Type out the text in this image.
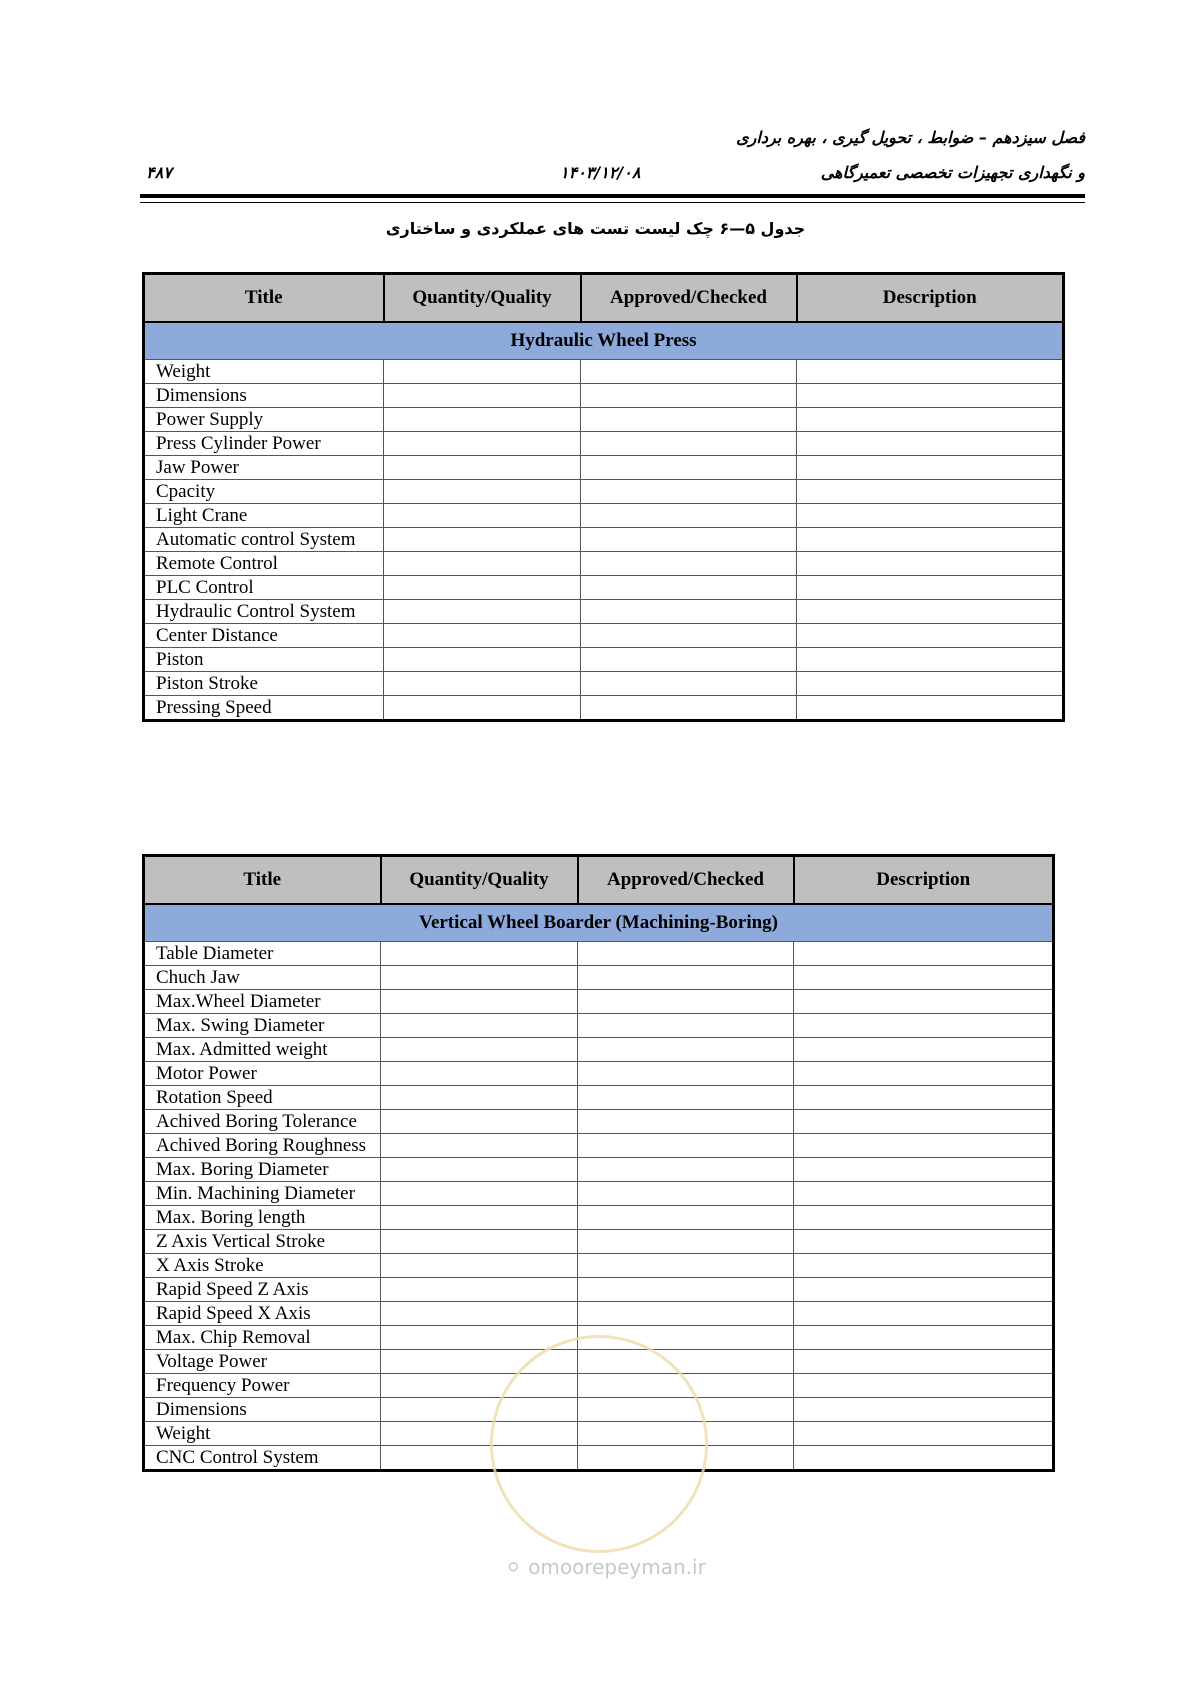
فصل سیزدهم – ضوابط ، تحویل گیری ، بهره برداری
و نگهداری تجهیزات تخصصی تعمیرگاهی
۱۴۰۳/۱۲/۰۸
۴۸۷
جدول ۵—۶ چک لیست تست های عملکردی و ساختاری
Title	Quantity/Quality	Approved/Checked	Description
Hydraulic Wheel Press			
Weight			
Dimensions			
Power Supply			
Press Cylinder Power			
Jaw Power			
Cpacity			
Light Crane			
Automatic control System			
Remote Control			
PLC Control			
Hydraulic Control System			
Center Distance			
Piston			
Piston Stroke			
Pressing Speed			
Title	Quantity/Quality	Approved/Checked	Description
Vertical Wheel Boarder (Machining-Boring)			
Table Diameter			
Chuch Jaw			
Max.Wheel Diameter			
Max. Swing Diameter			
Max. Admitted weight			
Motor Power			
Rotation Speed			
Achived Boring Tolerance			
Achived Boring Roughness			
Max. Boring Diameter			
Min. Machining Diameter			
Max. Boring length			
Z Axis Vertical Stroke			
X Axis Stroke			
Rapid Speed Z Axis			
Rapid Speed X Axis			
Max. Chip Removal			
Voltage Power			
Frequency Power			
Dimensions			
Weight			
CNC Control System			
⚪ omoorepeyman.ir
